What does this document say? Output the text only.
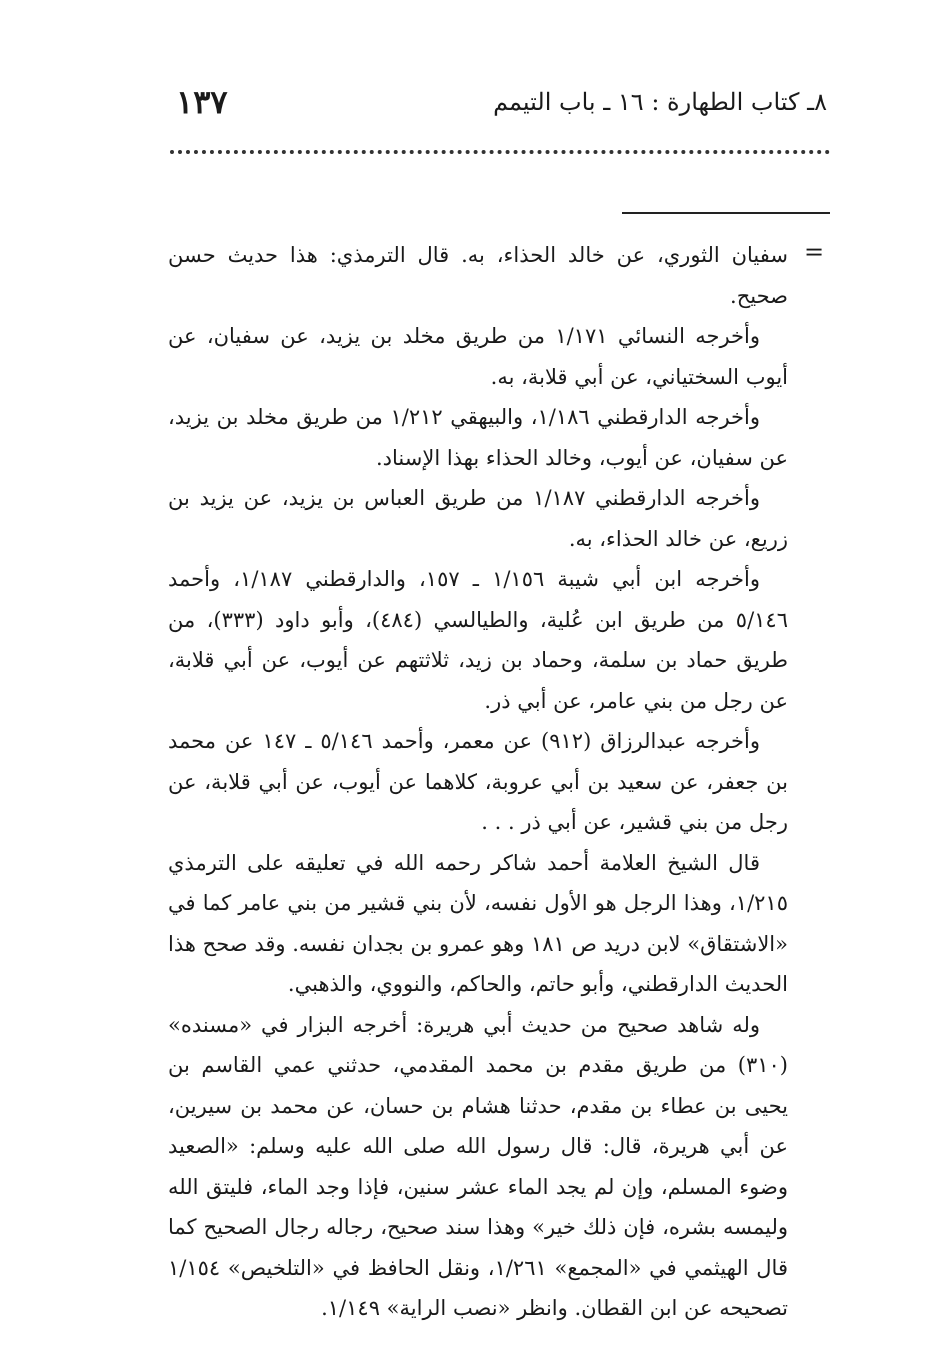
١٣٧	٨ـ كتاب الطهارة : ١٦ ـ باب التيمم
=

سفيان الثوري، عن خالد الحذاء، به. قال الترمذي: هذا حديث حسن صحيح.

وأخرجه النسائي ١/١٧١ من طريق مخلد بن يزيد، عن سفيان، عن أيوب السختياني، عن أبي قلابة، به.

وأخرجه الدارقطني ١/١٨٦، والبيهقي ١/٢١٢ من طريق مخلد بن يزيد، عن سفيان، عن أيوب، وخالد الحذاء بهذا الإسناد.

وأخرجه الدارقطني ١/١٨٧ من طريق العباس بن يزيد، عن يزيد بن زريع، عن خالد الحذاء، به.

وأخرجه ابن أبي شيبة ١/١٥٦ ـ ١٥٧، والدارقطني ١/١٨٧، وأحمد ٥/١٤٦ من طريق ابن عُلية، والطيالسي (٤٨٤)، وأبو داود (٣٣٣)، من طريق حماد بن سلمة، وحماد بن زيد، ثلاثتهم عن أيوب، عن أبي قلابة، عن رجل من بني عامر، عن أبي ذر.

وأخرجه عبدالرزاق (٩١٢) عن معمر، وأحمد ٥/١٤٦ ـ ١٤٧ عن محمد بن جعفر، عن سعيد بن أبي عروبة، كلاهما عن أيوب، عن أبي قلابة، عن رجل من بني قشير، عن أبي ذر . . .

قال الشيخ العلامة أحمد شاكر رحمه الله في تعليقه على الترمذي ١/٢١٥، وهذا الرجل هو الأول نفسه، لأن بني قشير من بني عامر كما في «الاشتقاق» لابن دريد ص ١٨١ وهو عمرو بن بجدان نفسه. وقد صحح هذا الحديث الدارقطني، وأبو حاتم، والحاكم، والنووي، والذهبي.

وله شاهد صحيح من حديث أبي هريرة: أخرجه البزار في «مسنده» (٣١٠) من طريق مقدم بن محمد المقدمي، حدثني عمي القاسم بن يحيى بن عطاء بن مقدم، حدثنا هشام بن حسان، عن محمد بن سيرين، عن أبي هريرة، قال: قال رسول الله صلى الله عليه وسلم: «الصعيد وضوء المسلم، وإن لم يجد الماء عشر سنين، فإذا وجد الماء، فليتق الله وليمسه بشره، فإن ذلك خير» وهذا سند صحيح، رجاله رجال الصحيح كما قال الهيثمي في «المجمع» ١/٢٦١، ونقل الحافظ في «التلخيص» ١/١٥٤ تصحيحه عن ابن القطان. وانظر «نصب الراية» ١/١٤٩.
